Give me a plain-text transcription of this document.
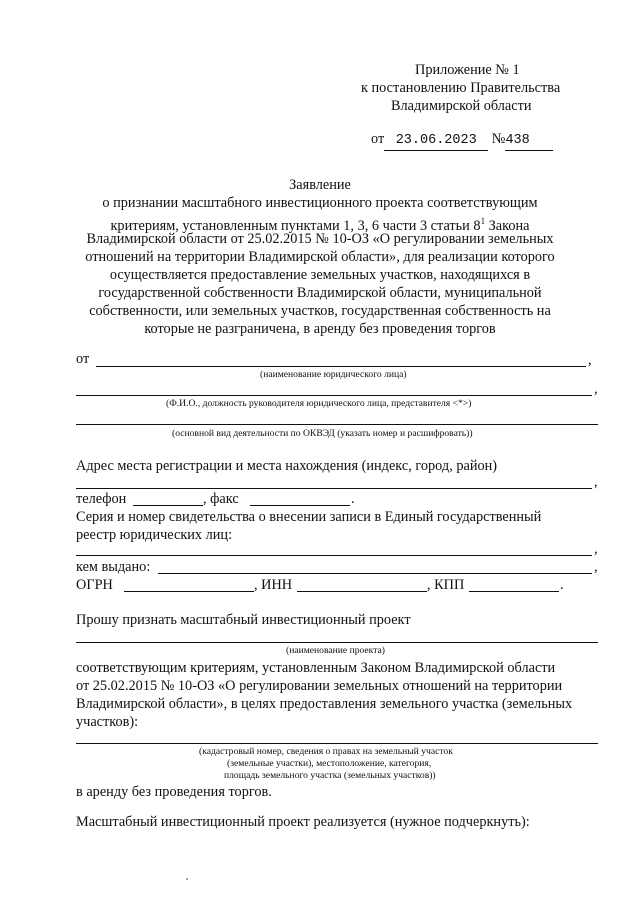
Приложение № 1
к постановлению Правительства
Владимирской области
от 23.06.2023 №438
Заявление
о признании масштабного инвестиционного проекта соответствующим
критериям, установленным пунктами 1, 3, 6 части 3 статьи $8^1$ Закона
Владимирской области от 25.02.2015 № 10-ОЗ «О регулировании земельных
отношений на территории Владимирской области», для реализации которого
осуществляется предоставление земельных участков, находящихся в
государственной собственности Владимирской области, муниципальной
собственности, или земельных участков, государственная собственность на
которые не разграничена, в аренду без проведения торгов
от	,
(наименование юридического лица)
,
(Ф.И.О., должность руководителя юридического лица, представителя <*>)
(основной вид деятельности по ОКВЭД (указать номер и расшифровать))
Адрес места регистрации и места нахождения (индекс, город, район)
,
телефон	, факс	.
Серия и номер свидетельства о внесении записи в Единый государственный
реестр юридических лиц:
,
кем выдано:	,
ОГРН	, ИНН	, КПП	.
Прошу признать масштабный инвестиционный проект
(наименование проекта)
соответствующим критериям, установленным Законом Владимирской области
от 25.02.2015 № 10-ОЗ «О регулировании земельных отношений на территории
Владимирской области», в целях предоставления земельного участка (земельных
участков):
(кадастровый номер, сведения о правах на земельный участок
(земельные участки), местоположение, категория,
площадь земельного участка (земельных участков))
в аренду без проведения торгов.
Масштабный инвестиционный проект реализуется (нужное подчеркнуть):
